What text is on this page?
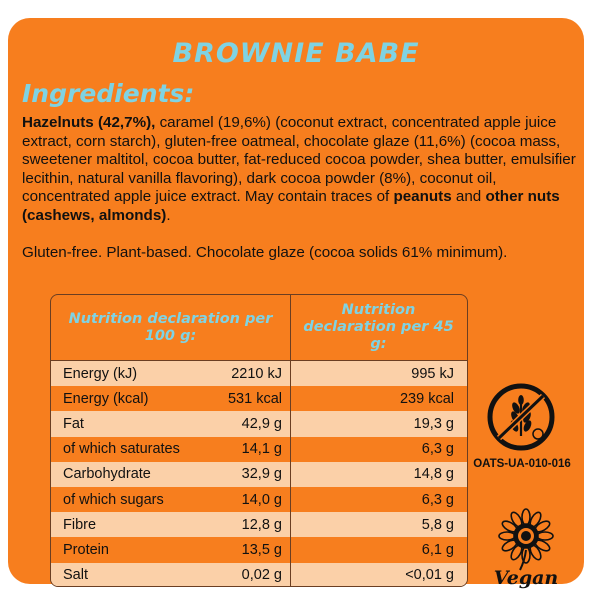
BROWNIE BABE
Ingredients:
Hazelnuts (42,7%), caramel (19,6%) (coconut extract, concentrated apple juice extract, corn starch), gluten-free oatmeal, chocolate glaze (11,6%) (cocoa mass, sweetener maltitol, cocoa butter, fat-reduced cocoa powder, shea butter, emulsifier lecithin, natural vanilla flavoring), dark cocoa powder (8%), coconut oil, concentrated apple juice extract. May contain traces of peanuts and other nuts (cashews, almonds).
Gluten-free. Plant-based. Chocolate glaze (cocoa solids 61% minimum).
Nutrition declaration per 100 g:
Nutrition declaration per 45 g:
Energy (kJ)	2210 kJ	995 kJ
Energy (kcal)	531 kcal	239 kcal
Fat	42,9 g	19,3 g
of which saturates	14,1 g	6,3 g
Carbohydrate	32,9 g	14,8 g
of which sugars	14,0 g	6,3 g
Fibre	12,8 g	5,8 g
Protein	13,5 g	6,1 g
Salt	0,02 g	<0,01 g
OATS-UA-010-016
Vegan
